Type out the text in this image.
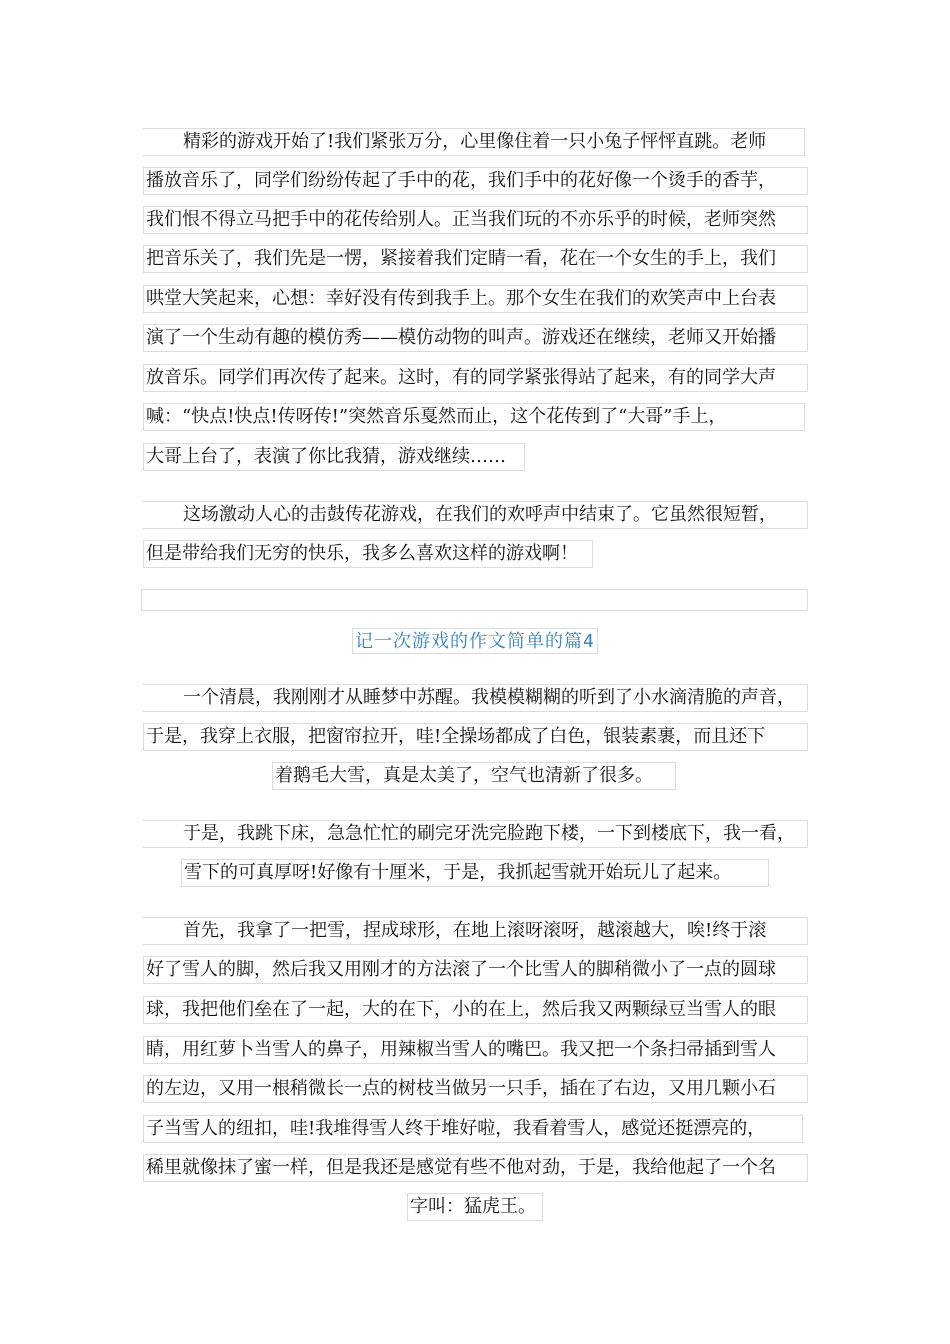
精彩的游戏开始了!我们紧张万分，心里像住着一只小兔子怦怦直跳。老师
播放音乐了，同学们纷纷传起了手中的花，我们手中的花好像一个烫手的香芋，
我们恨不得立马把手中的花传给别人。正当我们玩的不亦乐乎的时候，老师突然
把音乐关了，我们先是一愣，紧接着我们定睛一看，花在一个女生的手上，我们
哄堂大笑起来，心想：幸好没有传到我手上。那个女生在我们的欢笑声中上台表
演了一个生动有趣的模仿秀——模仿动物的叫声。游戏还在继续，老师又开始播
放音乐。同学们再次传了起来。这时，有的同学紧张得站了起来，有的同学大声
喊：“快点!快点!传呀传!”突然音乐戛然而止，这个花传到了“大哥”手上，
大哥上台了，表演了你比我猜，游戏继续……
这场激动人心的击鼓传花游戏，在我们的欢呼声中结束了。它虽然很短暂，
但是带给我们无穷的快乐，我多么喜欢这样的游戏啊！
记一次游戏的作文简单的篇4
一个清晨，我刚刚才从睡梦中苏醒。我模模糊糊的听到了小水滴清脆的声音，
于是，我穿上衣服，把窗帘拉开，哇!全操场都成了白色，银装素裹，而且还下
着鹅毛大雪，真是太美了，空气也清新了很多。
于是，我跳下床，急急忙忙的刷完牙洗完脸跑下楼，一下到楼底下，我一看，
雪下的可真厚呀!好像有十厘米，于是，我抓起雪就开始玩儿了起来。
首先，我拿了一把雪，捏成球形，在地上滚呀滚呀，越滚越大，唉!终于滚
好了雪人的脚，然后我又用刚才的方法滚了一个比雪人的脚稍微小了一点的圆球
球，我把他们垒在了一起，大的在下，小的在上，然后我又两颗绿豆当雪人的眼
睛，用红萝卜当雪人的鼻子，用辣椒当雪人的嘴巴。我又把一个条扫帚插到雪人
的左边，又用一根稍微长一点的树枝当做另一只手，插在了右边，又用几颗小石
子当雪人的纽扣，哇!我堆得雪人终于堆好啦，我看着雪人，感觉还挺漂亮的，
稀里就像抹了蜜一样，但是我还是感觉有些不他对劲，于是，我给他起了一个名
字叫：猛虎王。
